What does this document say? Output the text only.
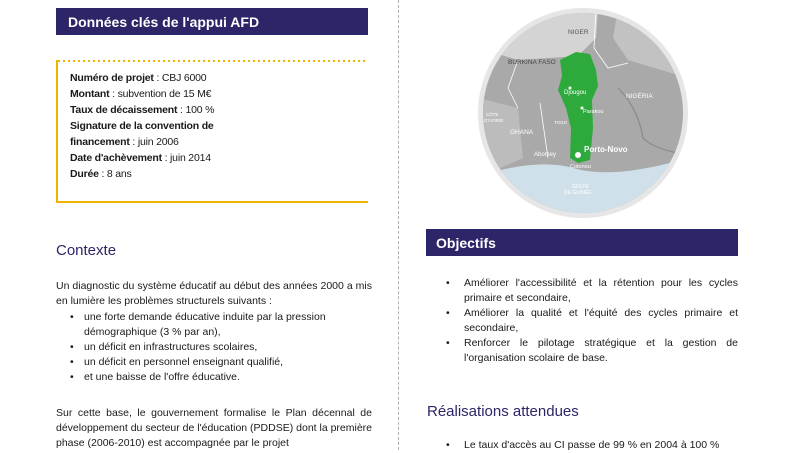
Données clés de l'appui AFD
Numéro de projet : CBJ 6000
Montant : subvention de 15 M€
Taux de décaissement : 100 %
Signature de la convention de financement : juin 2006
Date d'achèvement : juin 2014
Durée : 8 ans
Contexte
Un diagnostic du système éducatif au début des années 2000 a mis en lumière les problèmes structurels suivants :
• une forte demande éducative induite par la pression démographique (3 % par an),
• un déficit en infrastructures scolaires,
• un déficit en personnel enseignant qualifié,
• et une baisse de l'offre éducative.
Sur cette base, le gouvernement formalise le Plan décennal de développement du secteur de l'éducation (PDDSE) dont la première phase (2006-2010) est accompagnée par le projet
Objectifs
• Améliorer l'accessibilité et la rétention pour les cycles primaire et secondaire,
• Améliorer la qualité et l'équité des cycles primaire et secondaire,
• Renforcer le pilotage stratégique et la gestion de l'organisation scolaire de base.
Réalisations attendues
• Le taux d'accès au CI passe de 99 % en 2004 à 100 %
NIGER
BURKINA FASO
NIGÉRIA
CÔTE
D'IVOIRE
GHANA
TOGO
Djougou
Parakou
Abomey
Porto-Novo
Cotonou
GOLFE
DE GUINÉE
